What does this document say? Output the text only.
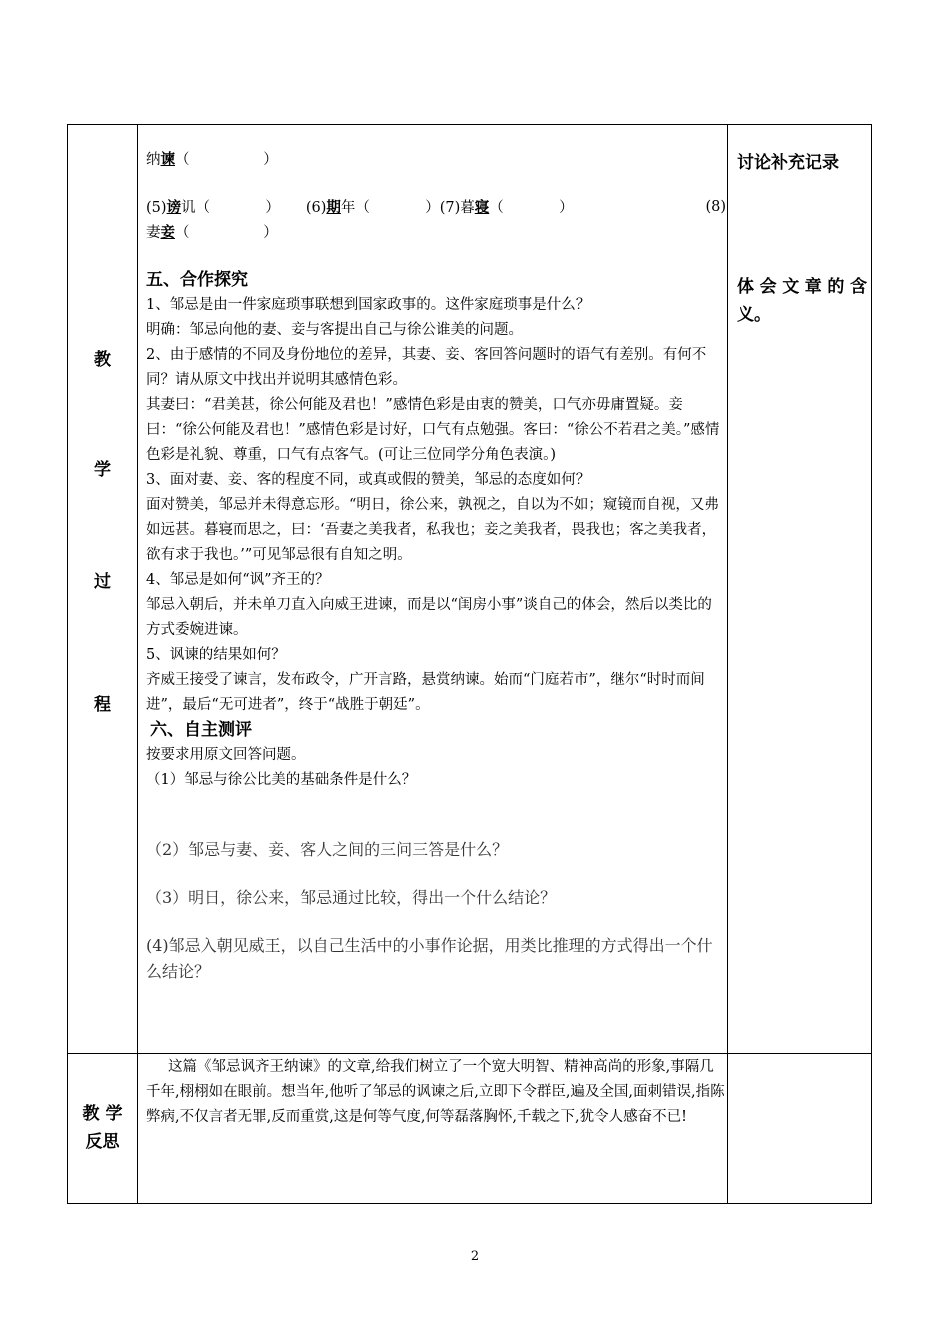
教
学
过
程
纳谏（                ）
(5)谤讥（            ） (6)期年（            ）(7)暮寝（            ）	(8)
妻妾（                ）

五、合作探究

1、邹忌是由一件家庭琐事联想到国家政事的。这件家庭琐事是什么？

明确：邹忌向他的妻、妾与客提出自己与徐公谁美的问题。

2、由于感情的不同及身份地位的差异，其妻、妾、客回答问题时的语气有差别。有何不同？请从原文中找出并说明其感情色彩。

其妻曰：“君美甚，徐公何能及君也！”感情色彩是由衷的赞美，口气亦毋庸置疑。妾曰：“徐公何能及君也！”感情色彩是讨好，口气有点勉强。客曰：“徐公不若君之美。”感情色彩是礼貌、尊重，口气有点客气。(可让三位同学分角色表演。)

3、面对妻、妾、客的程度不同，或真或假的赞美，邹忌的态度如何？

面对赞美，邹忌并未得意忘形。“明日，徐公来，孰视之，自以为不如；窥镜而自视，又弗如远甚。暮寝而思之，曰：‘吾妻之美我者，私我也；妾之美我者，畏我也；客之美我者，欲有求于我也。’”可见邹忌很有自知之明。

4、邹忌是如何“讽”齐王的？

邹忌入朝后，并未单刀直入向威王进谏，而是以“闺房小事”谈自己的体会，然后以类比的方式委婉进谏。

5、讽谏的结果如何？

齐威王接受了谏言，发布政令，广开言路，悬赏纳谏。始而“门庭若市”，继尔“时时而间进”，最后“无可进者”，终于“战胜于朝廷”。

六、自主测评

按要求用原文回答问题。

（1）邹忌与徐公比美的基础条件是什么？

（2）邹忌与妻、妾、客人之间的三问三答是什么？
（3）明日，徐公来，邹忌通过比较，得出一个什么结论？
(4)邹忌入朝见威王，以自己生活中的小事作论据，用类比推理的方式得出一个什么结论？
讨论补充记录
体会文章的含义。
教 学
反思
这篇《邹忌讽齐王纳谏》的文章,给我们树立了一个宽大明智、精神高尚的形象,事隔几千年,栩栩如在眼前。想当年,他听了邹忌的讽谏之后,立即下令群臣,遍及全国,面刺错误,指陈弊病,不仅言者无罪,反而重赏,这是何等气度,何等磊落胸怀,千载之下,犹令人感奋不已!
2
